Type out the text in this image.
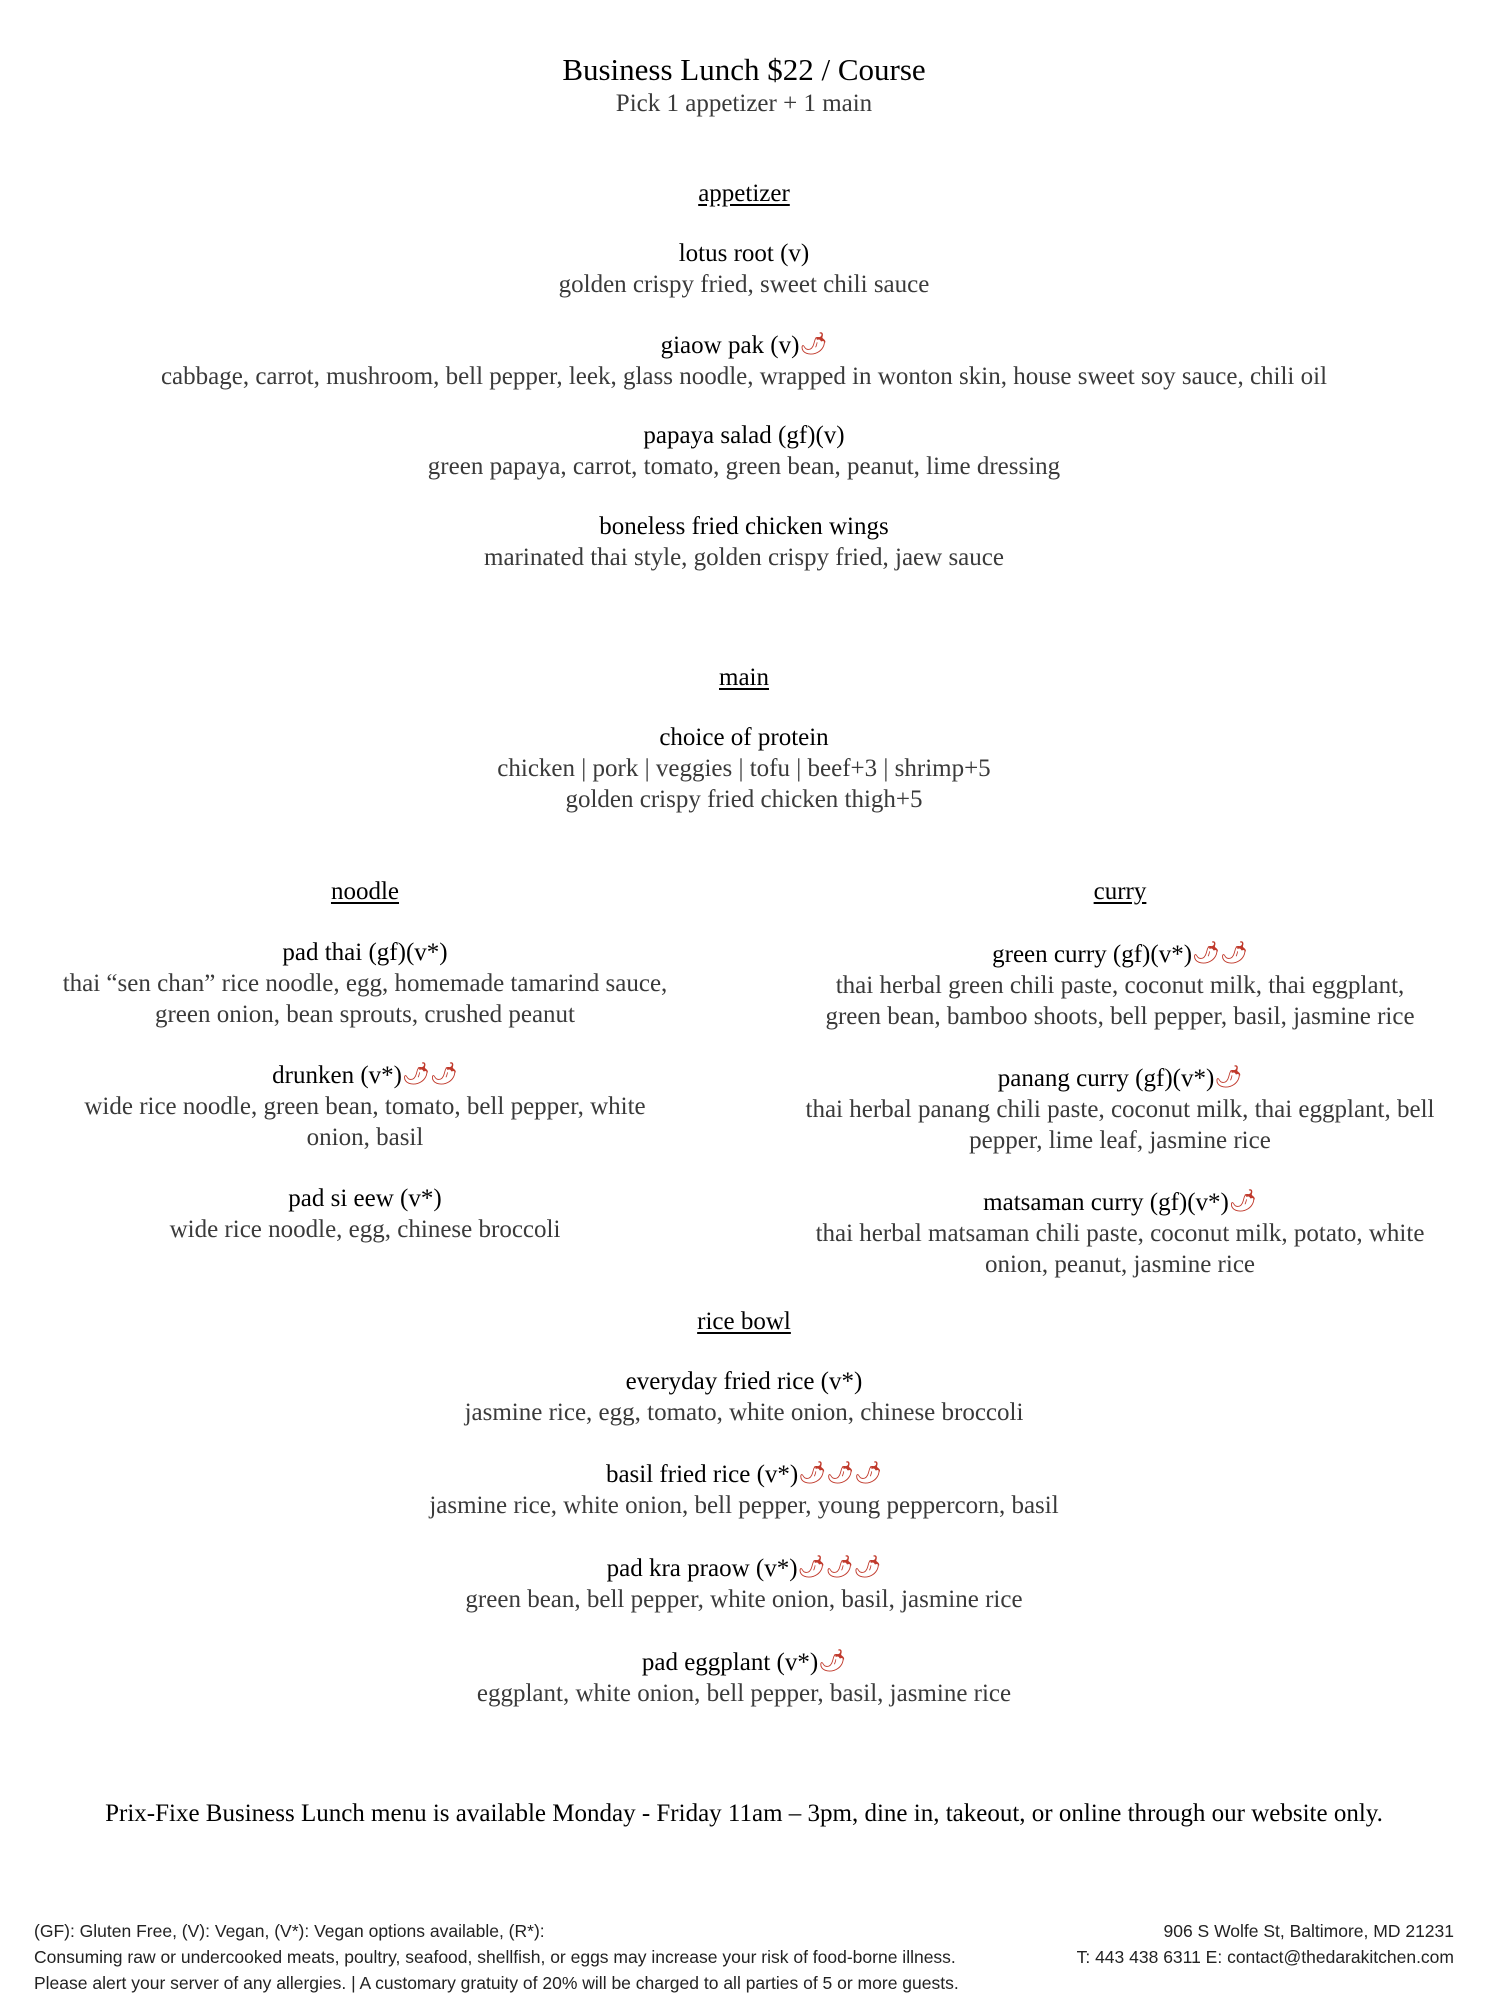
Business Lunch $22 / Course
Pick 1 appetizer + 1 main
appetizer
lotus root (v)
golden crispy fried, sweet chili sauce
giaow pak (v)🌶
cabbage, carrot, mushroom, bell pepper, leek, glass noodle, wrapped in wonton skin, house sweet soy sauce, chili oil
papaya salad (gf)(v)
green papaya, carrot, tomato, green bean, peanut, lime dressing
boneless fried chicken wings
marinated thai style, golden crispy fried, jaew sauce
main
choice of protein
chicken | pork | veggies | tofu | beef+3 | shrimp+5
golden crispy fried chicken thigh+5
noodle
pad thai (gf)(v*)
thai “sen chan” rice noodle, egg, homemade tamarind sauce,
green onion, bean sprouts, crushed peanut
drunken (v*)🌶🌶
wide rice noodle, green bean, tomato, bell pepper, white
onion, basil
pad si eew (v*)
wide rice noodle, egg, chinese broccoli
curry
green curry (gf)(v*)🌶🌶
thai herbal green chili paste, coconut milk, thai eggplant,
green bean, bamboo shoots, bell pepper, basil, jasmine rice
panang curry (gf)(v*)🌶
thai herbal panang chili paste, coconut milk, thai eggplant, bell
pepper, lime leaf, jasmine rice
matsaman curry (gf)(v*)🌶
thai herbal matsaman chili paste, coconut milk, potato, white
onion, peanut, jasmine rice
rice bowl
everyday fried rice (v*)
jasmine rice, egg, tomato, white onion, chinese broccoli
basil fried rice (v*)🌶🌶🌶
jasmine rice, white onion, bell pepper, young peppercorn, basil
pad kra praow (v*)🌶🌶🌶
green bean, bell pepper, white onion, basil, jasmine rice
pad eggplant (v*)🌶
eggplant, white onion, bell pepper, basil, jasmine rice
Prix-Fixe Business Lunch menu is available Monday - Friday 11am – 3pm, dine in, takeout, or online through our website only.
(GF): Gluten Free, (V): Vegan, (V*): Vegan options available, (R*):	906 S Wolfe St, Baltimore, MD 21231
Consuming raw or undercooked meats, poultry, seafood, shellfish, or eggs may increase your risk of food-borne illness.	T: 443 438 6311 E: contact@thedarakitchen.com
Please alert your server of any allergies. | A customary gratuity of 20% will be charged to all parties of 5 or more guests.
